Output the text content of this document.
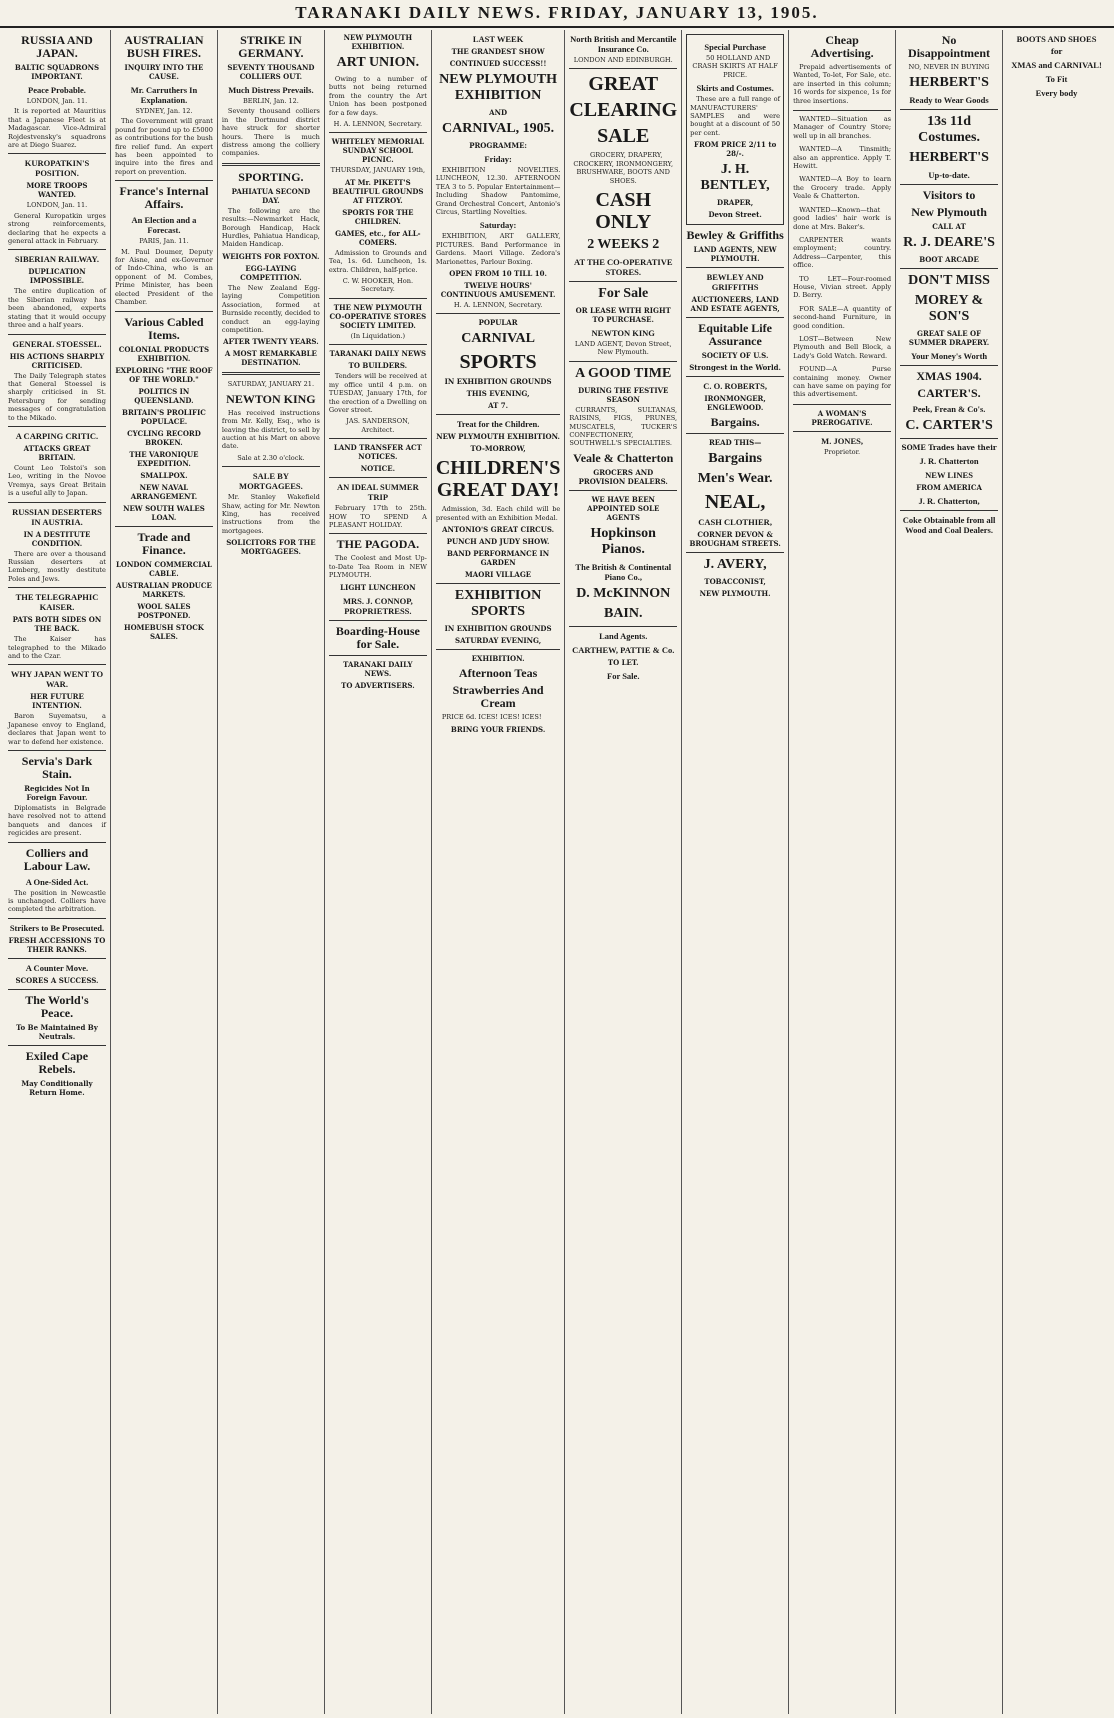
TARANAKI DAILY NEWS. FRIDAY, JANUARY 13, 1905.
RUSSIA AND JAPAN.
BALTIC SQUADRONS IMPORTANT.
Peace Probable.
LONDON, Jan. 11.

It is reported at Mauritius that a Japanese Fleet is at Madagascar. Vice-Admiral Rojdestvensky's squadrons are at Diego Suarez.

KUROPATKIN'S POSITION.
MORE TROOPS WANTED.
LONDON, Jan. 11.

General Kuropatkin urges strong reinforcements, declaring that he expects a general attack in February.

SIBERIAN RAILWAY.
DUPLICATION IMPOSSIBLE.

The entire duplication of the Siberian railway has been abandoned, experts stating that it would occupy three and a half years.

GENERAL STOESSEL.
HIS ACTIONS SHARPLY CRITICISED.

The Daily Telegraph states that General Stoessel is sharply criticised in St. Petersburg for sending messages of congratulation to the Mikado.

A CARPING CRITIC.
ATTACKS GREAT BRITAIN.

Count Leo Tolstoi's son Leo, writing in the Novoe Vremya, says Great Britain is a useful ally to Japan.

RUSSIAN DESERTERS IN AUSTRIA.
IN A DESTITUTE CONDITION.

There are over a thousand Russian deserters at Lemberg, mostly destitute Poles and Jews.

THE TELEGRAPHIC KAISER.
PATS BOTH SIDES ON THE BACK.

The Kaiser has telegraphed to the Mikado and to the Czar.

WHY JAPAN WENT TO WAR.
HER FUTURE INTENTION.

Baron Suyematsu, a Japanese envoy to England, declares that Japan went to war to defend her existence.

Servia's Dark Stain.
Regicides Not In Foreign Favour.

Diplomatists in Belgrade have resolved not to attend banquets and dances if regicides are present.

Colliers and Labour Law.
A One-Sided Act.

The position in Newcastle is unchanged. Colliers have completed the arbitration.

Strikers to Be Prosecuted.
FRESH ACCESSIONS TO THEIR RANKS.
A Counter Move.
SCORES A SUCCESS.
The World's Peace.
To Be Maintained By Neutrals.
Exiled Cape Rebels.
May Conditionally Return Home.
AUSTRALIAN BUSH FIRES.
INQUIRY INTO THE CAUSE.
Mr. Carruthers In Explanation.
SYDNEY, Jan. 12.

The Government will grant pound for pound up to £5000 as contributions for the bush fire relief fund. An expert has been appointed to inquire into the fires and report on prevention.

France's Internal Affairs.
An Election and a Forecast.
PARIS, Jan. 11.

M. Paul Doumer, Deputy for Aisne, and ex-Governor of Indo-China, who is an opponent of M. Combes, Prime Minister, has been elected President of the Chamber.

Various Cabled Items.
COLONIAL PRODUCTS EXHIBITION.
EXPLORING "THE ROOF OF THE WORLD."
POLITICS IN QUEENSLAND.
BRITAIN'S PROLIFIC POPULACE.
CYCLING RECORD BROKEN.
THE VARONIQUE EXPEDITION.
SMALLPOX.
NEW NAVAL ARRANGEMENT.
NEW SOUTH WALES LOAN.
Trade and Finance.
LONDON COMMERCIAL CABLE.
AUSTRALIAN PRODUCE MARKETS.
WOOL SALES POSTPONED.
HOMEBUSH STOCK SALES.
STRIKE IN GERMANY.
SEVENTY THOUSAND COLLIERS OUT.
Much Distress Prevails.
BERLIN, Jan. 12.

Seventy thousand colliers in the Dortmund district have struck for shorter hours. There is much distress among the colliery companies.

SPORTING.
PAHIATUA SECOND DAY.

The following are the results:—Newmarket Hack, Borough Handicap, Hack Hurdles, Pahiatua Handicap, Maiden Handicap.

WEIGHTS FOR FOXTON.
EGG-LAYING COMPETITION.

The New Zealand Egg-laying Competition Association, formed at Burnside recently, decided to conduct an egg-laying competition.

AFTER TWENTY YEARS.
A MOST REMARKABLE DESTINATION.
SATURDAY, JANUARY 21.
NEWTON KING

Has received instructions from Mr. Kelly, Esq., who is leaving the district, to sell by auction at his Mart on above date.

Sale at 2.30 o'clock.
SALE BY MORTGAGEES.

Mr. Stanley Wakefield Shaw, acting for Mr. Newton King, has received instructions from the mortgagees.

SOLICITORS FOR THE MORTGAGEES.
NEW PLYMOUTH EXHIBITION.
ART UNION.

Owing to a number of butts not being returned from the country the Art Union has been postponed for a few days.

H. A. LENNON, Secretary.
WHITELEY MEMORIAL SUNDAY SCHOOL PICNIC.
THURSDAY, JANUARY 19th,
AT Mr. PIKETT'S BEAUTIFUL GROUNDS AT FITZROY.
SPORTS FOR THE CHILDREN.
GAMES, etc., for ALL-COMERS.

Admission to Grounds and Tea, 1s. 6d. Luncheon, 1s. extra. Children, half-price.

C. W. HOOKER, Hon. Secretary.
THE NEW PLYMOUTH CO-OPERATIVE STORES SOCIETY LIMITED.
(In Liquidation.)
TARANAKI DAILY NEWS
TO BUILDERS.

Tenders will be received at my office until 4 p.m. on TUESDAY, January 17th, for the erection of a Dwelling on Gover street.

JAS. SANDERSON, Architect.
LAND TRANSFER ACT NOTICES.
NOTICE.
AN IDEAL SUMMER TRIP

February 17th to 25th. HOW TO SPEND A PLEASANT HOLIDAY.

THE PAGODA.

The Coolest and Most Up-to-Date Tea Room in NEW PLYMOUTH.

LIGHT LUNCHEON
MRS. J. CONNOP, PROPRIETRESS.
Boarding-House for Sale.
TARANAKI DAILY NEWS.
TO ADVERTISERS.
LAST WEEK
THE GRANDEST SHOW
CONTINUED SUCCESS!!
NEW PLYMOUTH EXHIBITION
AND
CARNIVAL, 1905.
PROGRAMME:
Friday:

EXHIBITION NOVELTIES. LUNCHEON, 12.30. AFTERNOON TEA 3 to 5. Popular Entertainment—Including Shadow Pantomime, Grand Orchestral Concert, Antonio's Circus, Startling Novelties.

Saturday:

EXHIBITION, ART GALLERY, PICTURES. Band Performance in Gardens. Maori Village. Zedora's Marionettes, Parlour Boxing.

OPEN FROM 10 TILL 10.
TWELVE HOURS' CONTINUOUS AMUSEMENT.
H. A. LENNON, Secretary.
POPULAR
CARNIVAL
SPORTS
IN EXHIBITION GROUNDS
THIS EVENING,
AT 7.
Treat for the Children.
NEW PLYMOUTH EXHIBITION.
TO-MORROW,
CHILDREN'S GREAT DAY!

Admission, 3d. Each child will be presented with an Exhibition Medal.

ANTONIO'S GREAT CIRCUS.
PUNCH AND JUDY SHOW.
BAND PERFORMANCE IN GARDEN
MAORI VILLAGE
EXHIBITION SPORTS
IN EXHIBITION GROUNDS
SATURDAY EVENING,
EXHIBITION.
Afternoon Teas
Strawberries And Cream

PRICE 6d. ICES! ICES! ICES!

BRING YOUR FRIENDS.
North British and Mercantile Insurance Co.
LONDON AND EDINBURGH.
GREAT
CLEARING
SALE

GROCERY, DRAPERY, CROCKERY, IRONMONGERY, BRUSHWARE, BOOTS AND SHOES.

CASH ONLY
2 WEEKS 2
AT THE CO-OPERATIVE STORES.
For Sale
OR LEASE WITH RIGHT TO PURCHASE.
NEWTON KING
LAND AGENT, Devon Street, New Plymouth.
A GOOD TIME
DURING THE FESTIVE SEASON

CURRANTS, SULTANAS, RAISINS, FIGS, PRUNES, MUSCATELS, TUCKER'S CONFECTIONERY, SOUTHWELL'S SPECIALTIES.

Veale & Chatterton
GROCERS AND PROVISION DEALERS.
WE HAVE BEEN APPOINTED SOLE AGENTS
Hopkinson Pianos.
The British & Continental Piano Co.,
D. McKINNON
BAIN.
Land Agents.
CARTHEW, PATTIE & Co.
TO LET.
For Sale.
Special Purchase

50 HOLLAND AND CRASH SKIRTS AT HALF PRICE.

Skirts and Costumes.

These are a full range of MANUFACTURERS' SAMPLES and were bought at a discount of 50 per cent.

FROM PRICE 2/11 to 28/-.
J. H. BENTLEY,
DRAPER,
Devon Street.
Bewley & Griffiths
LAND AGENTS, NEW PLYMOUTH.
BEWLEY AND GRIFFITHS
AUCTIONEERS, LAND AND ESTATE AGENTS,
Equitable Life Assurance
SOCIETY OF U.S.
Strongest in the World.
C. O. ROBERTS,
IRONMONGER, ENGLEWOOD.
Bargains.
READ THIS—
Bargains
Men's Wear.
NEAL,
CASH CLOTHIER,
CORNER DEVON & BROUGHAM STREETS.
J. AVERY,
TOBACCONIST,
NEW PLYMOUTH.
Cheap Advertising.

Prepaid advertisements of Wanted, To-let, For Sale, etc. are inserted in this column; 16 words for sixpence, 1s for three insertions.

WANTED—Situation as Manager of Country Store; well up in all branches.

WANTED—A Tinsmith; also an apprentice. Apply T. Hewitt.

WANTED—A Boy to learn the Grocery trade. Apply Veale & Chatterton.

WANTED—Known—that good ladies' hair work is done at Mrs. Baker's.

CARPENTER wants employment; country. Address—Carpenter, this office.

TO LET—Four-roomed House, Vivian street. Apply D. Berry.

FOR SALE—A quantity of second-hand Furniture, in good condition.

LOST—Between New Plymouth and Bell Block, a Lady's Gold Watch. Reward.

FOUND—A Purse containing money. Owner can have same on paying for this advertisement.

A WOMAN'S PREROGATIVE.
M. JONES,
Proprietor.
No Disappointment
NO, NEVER IN BUYING
HERBERT'S
Ready to Wear Goods
13s 11d Costumes.
HERBERT'S
Up-to-date.
Visitors to
New Plymouth
CALL AT
R. J. DEARE'S
BOOT ARCADE
DON'T MISS
MOREY & SON'S
GREAT SALE OF SUMMER DRAPERY.
Your Money's Worth
XMAS 1904.
CARTER'S.
Peek, Frean & Co's.
C. CARTER'S
SOME Trades have their
J. R. Chatterton
NEW LINES
FROM AMERICA
J. R. Chatterton,
Coke Obtainable from all Wood and Coal Dealers.
BOOTS AND SHOES
for
XMAS and CARNIVAL!
To Fit
Every body
